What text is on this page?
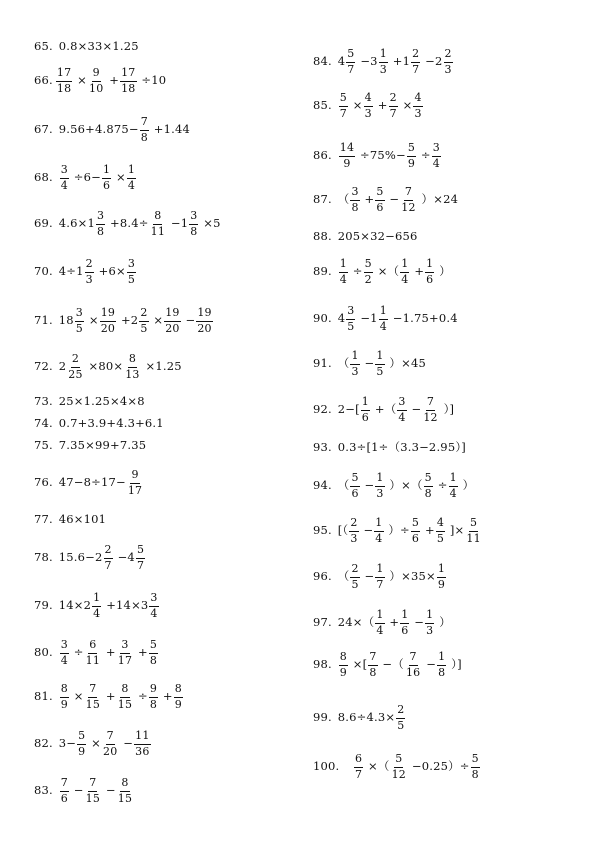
65. 0.8×33×1.25
66. $\frac{17}{18} \times \frac{9}{10} + \frac{17}{18} \div 10$
67. $9.56+4.875- \frac{7}{8} +1.44$
68.
$\frac{3}{4} \div 6- \frac{1}{6} \times \frac{1}{4}$
69. $4.6\times 1 \frac{3}{8} +8.4\div \frac{8}{11} -1 \frac{3}{8} \times 5$
70. $4\div 1 \frac{2}{3} +6\times \frac{3}{5}$
71. $18 \frac{3}{5} \times \frac{19}{20} +2 \frac{2}{5} \times \frac{19}{20} - \frac{19}{20}$
72. $2 \frac{2}{25} \times 80\times \frac{8}{13} \times 1.25$
73. 25×1.25×4×8
74. 0.7+3.9+4.3+6.1
75. 7.35×99+7.35
76. $47-8\div 17- \frac{9}{17}$
77. 46×101
78. $15.6-2 \frac{2}{7} -4 \frac{5}{7}$
79. $14\times 2 \frac{1}{4} +14\times 3 \frac{3}{4}$
80.
$\frac{3}{4} \div \frac{6}{11} + \frac{3}{17} + \frac{5}{8}$
81.
$\frac{8}{9} \times \frac{7}{15} + \frac{8}{15} \div \frac{9}{8} + \frac{8}{9}$
82. $3- \frac{5}{9} \times \frac{7}{20} - \frac{11}{36}$
83.
$\frac{7}{6} - \frac{7}{15} - \frac{8}{15}$
84. $4 \frac{5}{7} -3 \frac{1}{3} +1 \frac{2}{7} -2 \frac{2}{3}$
85.
$\frac{5}{7} \times \frac{4}{3} + \frac{2}{7} \times \frac{4}{3}$
86.
$\frac{14}{9} \div 75\%- \frac{5}{9} \div \frac{3}{4}$
87. （ $\frac{3}{8} + \frac{5}{6} - \frac{7}{12} )\times 24$
88. 205×32−656
89.
$\frac{1}{4} \div \frac{5}{2}$ ×（ $\frac{1}{4} + \frac{1}{6}$ ）
90. $4 \frac{3}{5} -1 \frac{1}{4} -1.75+0.4$
91. （ $\frac{1}{3} - \frac{1}{5} )\times 45$
92. $2-[ \frac{1}{6}$ +（ $\frac{3}{4} - \frac{7}{12}$ ）]
93. 0.3÷[1÷（3.3−2.95）]
94. （ $\frac{5}{6} - \frac{1}{3}$ ）×（ $\frac{5}{8} \div \frac{1}{4}$ ）
95. [（ $\frac{2}{3} - \frac{1}{4}$ ）÷ $\frac{5}{6} + \frac{4}{5}$ ]× $\frac{5}{11}$
96. （ $\frac{2}{5} - \frac{1}{7} )\times 35\times \frac{1}{9}$
97. $24\times( \frac{1}{4} + \frac{1}{6} - \frac{1}{3}$ ）
98.
$\frac{8}{9}$ ×[ $\frac{7}{8}$ −（ $\frac{7}{16} - \frac{1}{8}$ ）]
99. $8.6\div 4.3\times \frac{2}{5}$
100.
$\frac{6}{7}$ ×（ $\frac{5}{12} -0.25)\div \frac{5}{8}$
